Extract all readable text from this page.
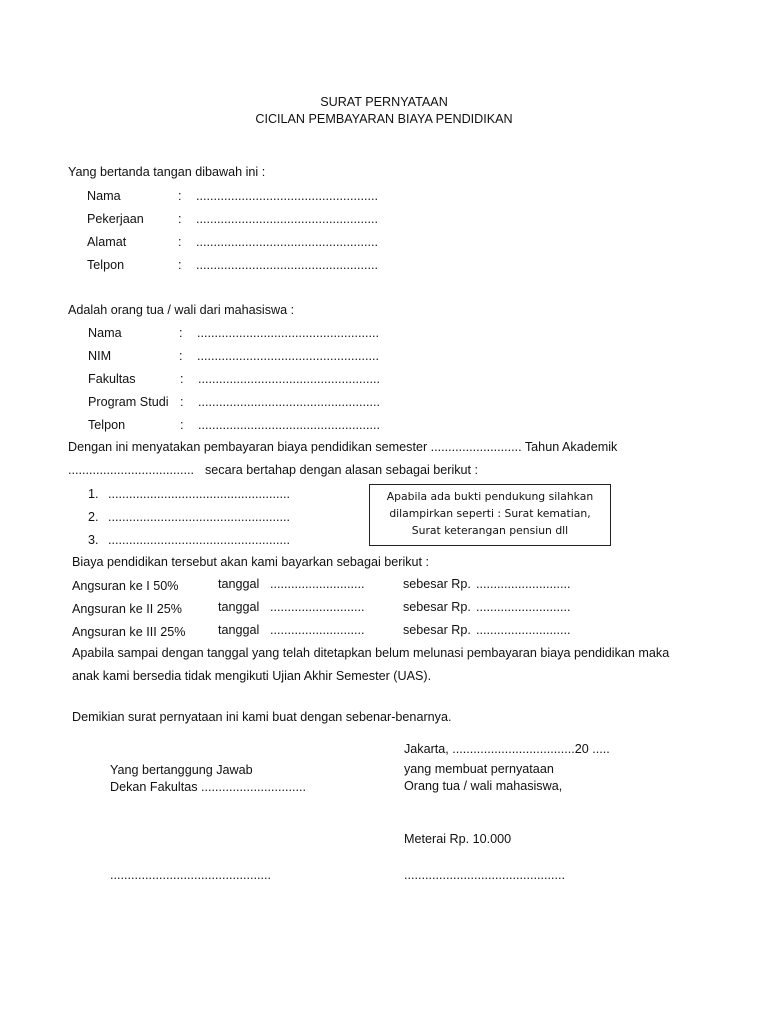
SURAT PERNYATAAN
CICILAN PEMBAYARAN BIAYA PENDIDIKAN
Yang bertanda tangan dibawah ini :
Nama	: ....................................................
Pekerjaan	: ....................................................
Alamat	: ....................................................
Telpon	: ....................................................
Adalah orang tua / wali dari mahasiswa :
Nama	: ....................................................
NIM	: ....................................................
Fakultas	: ....................................................
Program Studi : ....................................................
Telpon	: ....................................................
Dengan ini menyatakan pembayaran biaya pendidikan semester .......................... Tahun Akademik
.................................... secara bertahap dengan alasan sebagai berikut :
1. ....................................................
2. ....................................................
3. ....................................................
Apabila ada bukti pendukung silahkan
dilampirkan seperti : Surat kematian,
Surat keterangan pensiun dll
Biaya pendidikan tersebut akan kami bayarkan sebagai berikut :
Angsuran ke I 50%	tanggal ...........................	sebesar Rp. ...........................
Angsuran ke II 25%	tanggal ...........................	sebesar Rp. ...........................
Angsuran ke III 25%	tanggal ...........................	sebesar Rp. ...........................
Apabila sampai dengan tanggal yang telah ditetapkan belum melunasi pembayaran biaya pendidikan maka
anak kami bersedia tidak mengikuti Ujian Akhir Semester (UAS).
Demikian surat pernyataan ini kami buat dengan sebenar-benarnya.
Jakarta, ...................................20 .....
Yang bertanggung Jawab	yang membuat pernyataan
Dekan Fakultas ..............................	Orang tua / wali mahasiswa,
Meterai Rp. 10.000
..............................................	..............................................
